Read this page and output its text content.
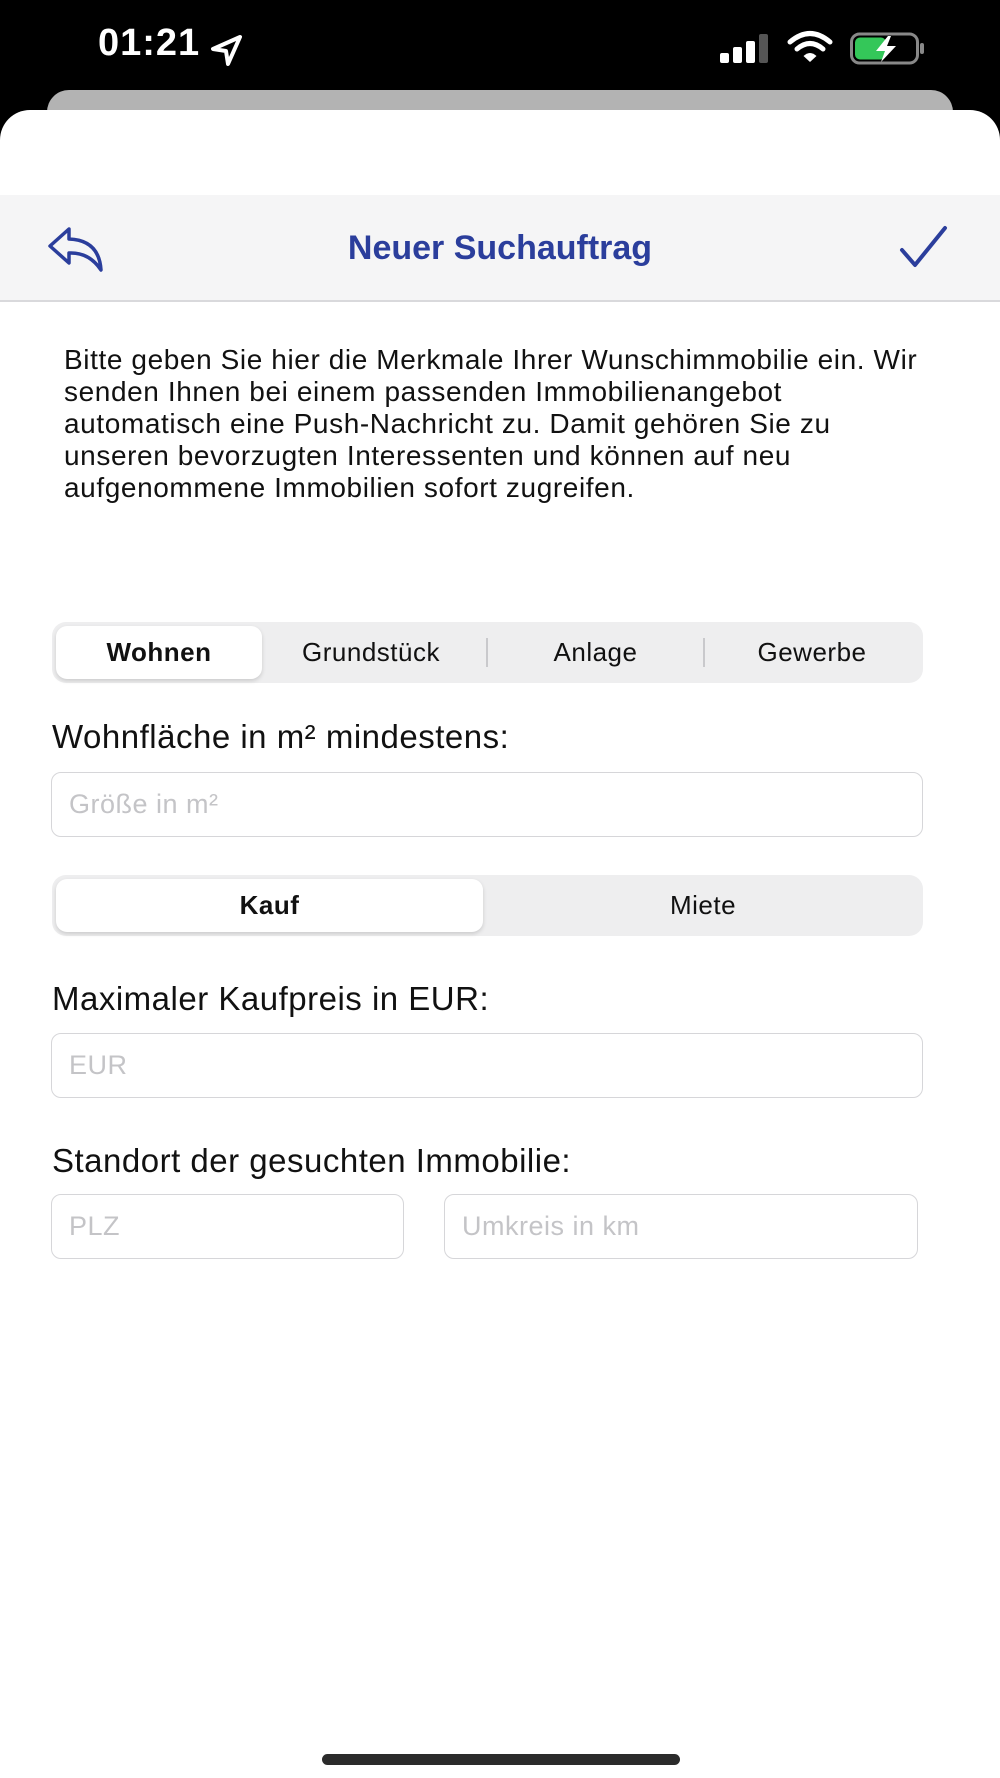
01:21
Neuer Suchauftrag

Bitte geben Sie hier die Merkmale Ihrer Wunschimmobilie ein. Wir senden Ihnen bei einem passenden Immobilienangebot automatisch eine Push-Nachricht zu. Damit gehören Sie zu unseren bevorzugten Interessenten und können auf neu aufgenommene Immobilien sofort zugreifen.

Wohnen	Grundstück	Anlage	Gewerbe
Wohnfläche in m² mindestens:
Größe in m²
Kauf	Miete
Maximaler Kaufpreis in EUR:
EUR
Standort der gesuchten Immobilie:
PLZ	Umkreis in km
